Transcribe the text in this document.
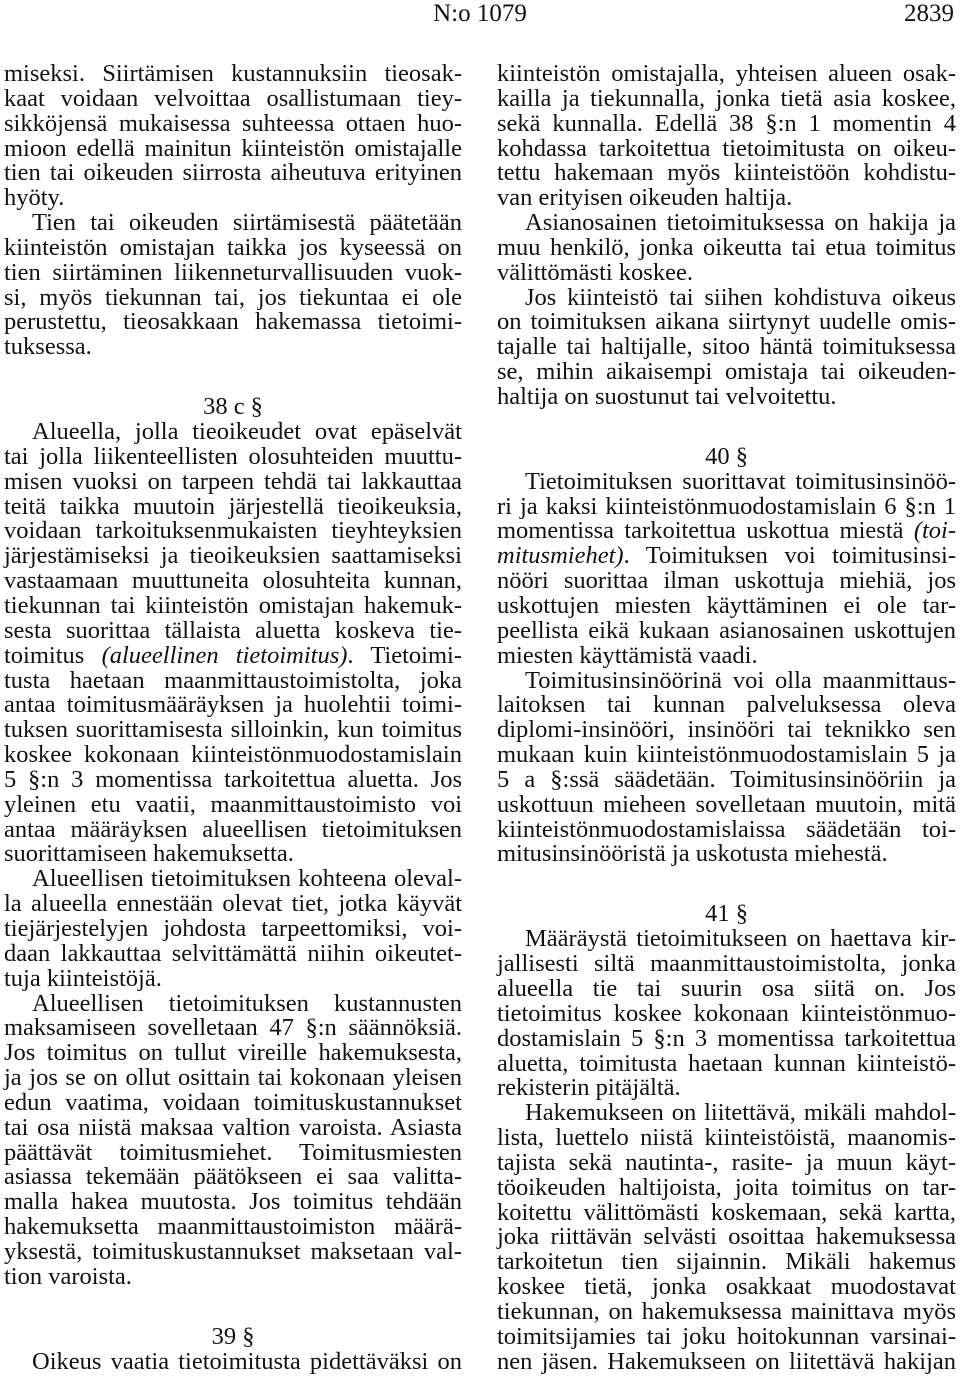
N:o 1079	2839
miseksi. Siirtämisen kustannuksiin tieosak-
kaat voidaan velvoittaa osallistumaan tiey-
sikköjensä mukaisessa suhteessa ottaen huo-
mioon edellä mainitun kiinteistön omistajalle
tien tai oikeuden siirrosta aiheutuva erityinen
hyöty.
Tien tai oikeuden siirtämisestä päätetään
kiinteistön omistajan taikka jos kyseessä on
tien siirtäminen liikenneturvallisuuden vuok-
si, myös tiekunnan tai, jos tiekuntaa ei ole
perustettu, tieosakkaan hakemassa tietoimi-
tuksessa.
38 c §
Alueella, jolla tieoikeudet ovat epäselvät
tai jolla liikenteellisten olosuhteiden muuttu-
misen vuoksi on tarpeen tehdä tai lakkauttaa
teitä taikka muutoin järjestellä tieoikeuksia,
voidaan tarkoituksenmukaisten tieyhteyksien
järjestämiseksi ja tieoikeuksien saattamiseksi
vastaamaan muuttuneita olosuhteita kunnan,
tiekunnan tai kiinteistön omistajan hakemuk-
sesta suorittaa tällaista aluetta koskeva tie-
toimitus (alueellinen tietoimitus). Tietoimi-
tusta haetaan maanmittaustoimistolta, joka
antaa toimitusmääräyksen ja huolehtii toimi-
tuksen suorittamisesta silloinkin, kun toimitus
koskee kokonaan kiinteistönmuodostamislain
5 §:n 3 momentissa tarkoitettua aluetta. Jos
yleinen etu vaatii, maanmittaustoimisto voi
antaa määräyksen alueellisen tietoimituksen
suorittamiseen hakemuksetta.
Alueellisen tietoimituksen kohteena oleval-
la alueella ennestään olevat tiet, jotka käyvät
tiejärjestelyjen johdosta tarpeettomiksi, voi-
daan lakkauttaa selvittämättä niihin oikeutet-
tuja kiinteistöjä.
Alueellisen tietoimituksen kustannusten
maksamiseen sovelletaan 47 §:n säännöksiä.
Jos toimitus on tullut vireille hakemuksesta,
ja jos se on ollut osittain tai kokonaan yleisen
edun vaatima, voidaan toimituskustannukset
tai osa niistä maksaa valtion varoista. Asiasta
päättävät toimitusmiehet. Toimitusmiesten
asiassa tekemään päätökseen ei saa valitta-
malla hakea muutosta. Jos toimitus tehdään
hakemuksetta maanmittaustoimiston määrä-
yksestä, toimituskustannukset maksetaan val-
tion varoista.
39 §
Oikeus vaatia tietoimitusta pidettäväksi on
kiinteistön omistajalla, yhteisen alueen osak-
kailla ja tiekunnalla, jonka tietä asia koskee,
sekä kunnalla. Edellä 38 §:n 1 momentin 4
kohdassa tarkoitettua tietoimitusta on oikeu-
tettu hakemaan myös kiinteistöön kohdistu-
van erityisen oikeuden haltija.
Asianosainen tietoimituksessa on hakija ja
muu henkilö, jonka oikeutta tai etua toimitus
välittömästi koskee.
Jos kiinteistö tai siihen kohdistuva oikeus
on toimituksen aikana siirtynyt uudelle omis-
tajalle tai haltijalle, sitoo häntä toimituksessa
se, mihin aikaisempi omistaja tai oikeuden-
haltija on suostunut tai velvoitettu.
40 §
Tietoimituksen suorittavat toimitusinsinöö-
ri ja kaksi kiinteistönmuodostamislain 6 §:n 1
momentissa tarkoitettua uskottua miestä (toi-
mitusmiehet). Toimituksen voi toimitusinsi-
nööri suorittaa ilman uskottuja miehiä, jos
uskottujen miesten käyttäminen ei ole tar-
peellista eikä kukaan asianosainen uskottujen
miesten käyttämistä vaadi.
Toimitusinsinöörinä voi olla maanmittaus-
laitoksen tai kunnan palveluksessa oleva
diplomi-insinööri, insinööri tai teknikko sen
mukaan kuin kiinteistönmuodostamislain 5 ja
5 a §:ssä säädetään. Toimitusinsinööriin ja
uskottuun mieheen sovelletaan muutoin, mitä
kiinteistönmuodostamislaissa säädetään toi-
mitusinsinööristä ja uskotusta miehestä.
41 §
Määräystä tietoimitukseen on haettava kir-
jallisesti siltä maanmittaustoimistolta, jonka
alueella tie tai suurin osa siitä on. Jos
tietoimitus koskee kokonaan kiinteistönmuo-
dostamislain 5 §:n 3 momentissa tarkoitettua
aluetta, toimitusta haetaan kunnan kiinteistö-
rekisterin pitäjältä.
Hakemukseen on liitettävä, mikäli mahdol-
lista, luettelo niistä kiinteistöistä, maanomis-
tajista sekä nautinta-, rasite- ja muun käyt-
töoikeuden haltijoista, joita toimitus on tar-
koitettu välittömästi koskemaan, sekä kartta,
joka riittävän selvästi osoittaa hakemuksessa
tarkoitetun tien sijainnin. Mikäli hakemus
koskee tietä, jonka osakkaat muodostavat
tiekunnan, on hakemuksessa mainittava myös
toimitsijamies tai joku hoitokunnan varsinai-
nen jäsen. Hakemukseen on liitettävä hakijan
